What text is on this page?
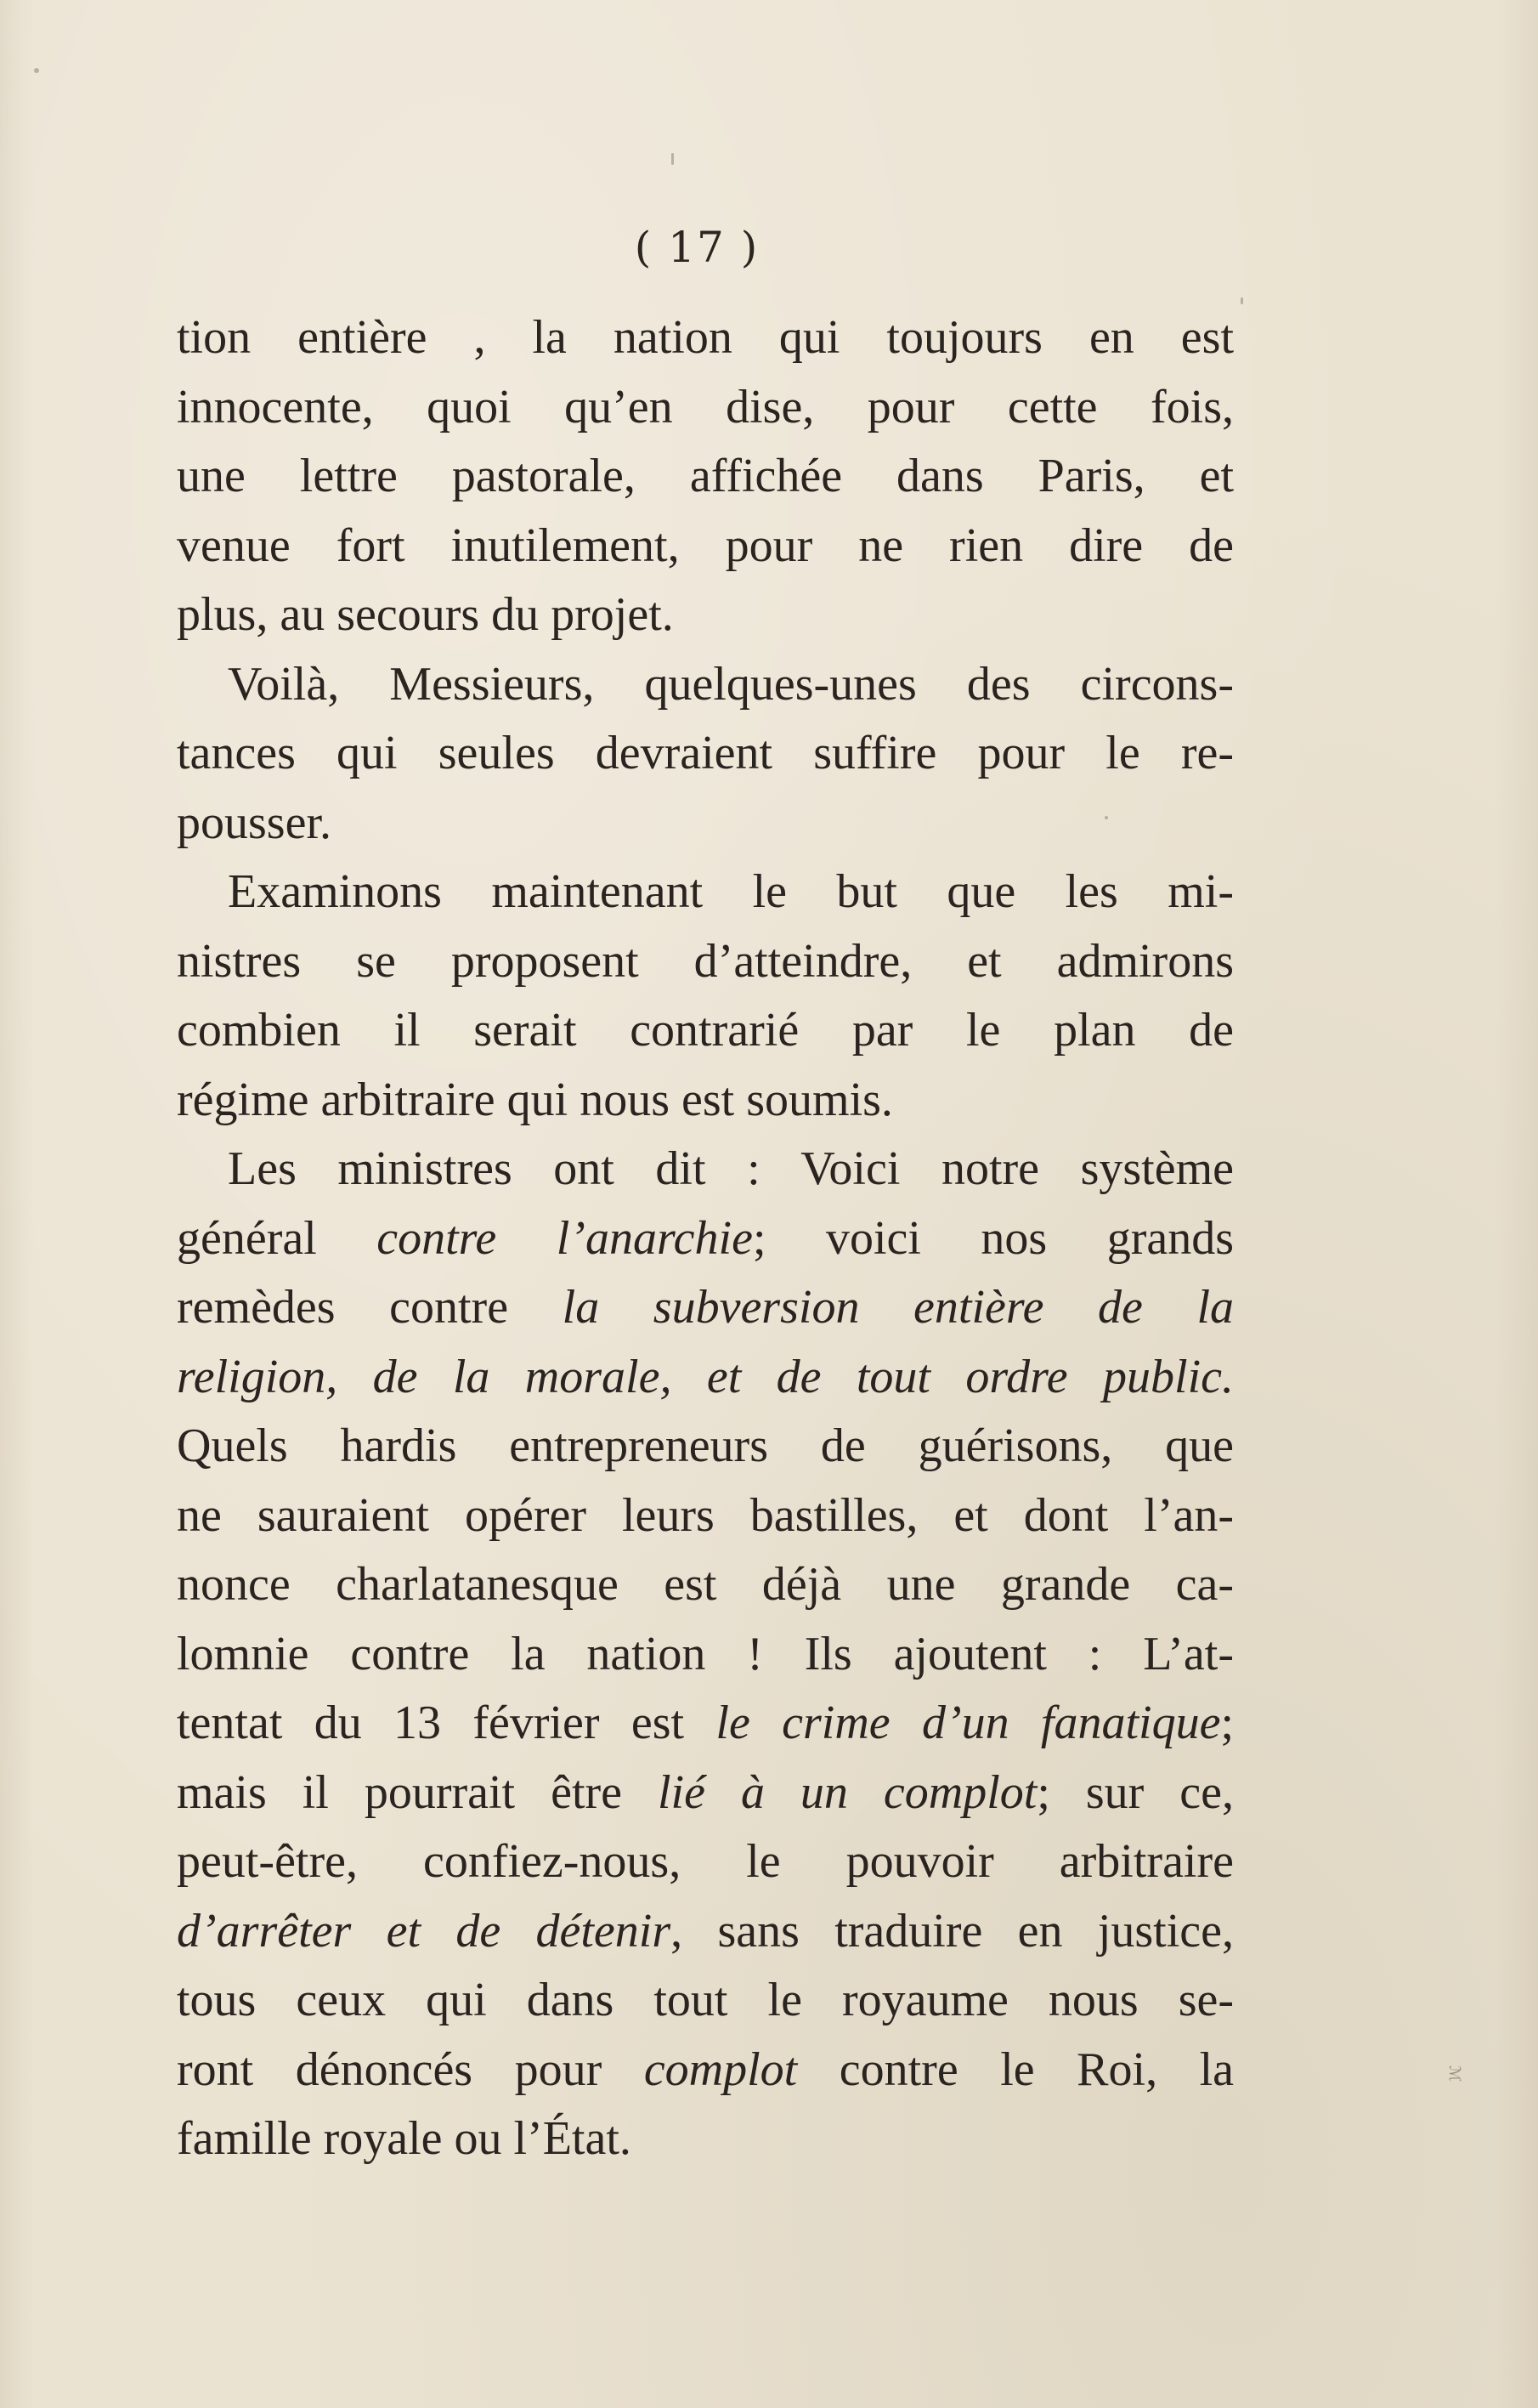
( 17 )
tion entière , la nation qui toujours en est
innocente, quoi qu’en dise, pour cette fois,
une lettre pastorale, affichée dans Paris, et
venue fort inutilement, pour ne rien dire de
plus, au secours du projet.
Voilà, Messieurs, quelques-unes des circons-
tances qui seules devraient suffire pour le re-
pousser.
Examinons maintenant le but que les mi-
nistres se proposent d’atteindre, et admirons
combien il serait contrarié par le plan de
régime arbitraire qui nous est soumis.
Les ministres ont dit : Voici notre système
général contre l’anarchie; voici nos grands
remèdes contre la subversion entière de la
religion, de la morale, et de tout ordre public.
Quels hardis entrepreneurs de guérisons, que
ne sauraient opérer leurs bastilles, et dont l’an-
nonce charlatanesque est déjà une grande ca-
lomnie contre la nation ! Ils ajoutent : L’at-
tentat du 13 février est le crime d’un fanatique;
mais il pourrait être lié à un complot; sur ce,
peut-être, confiez-nous, le pouvoir arbitraire
d’arrêter et de détenir, sans traduire en justice,
tous ceux qui dans tout le royaume nous se-
ront dénoncés pour complot contre le Roi, la
famille royale ou l’État.
ℳ
